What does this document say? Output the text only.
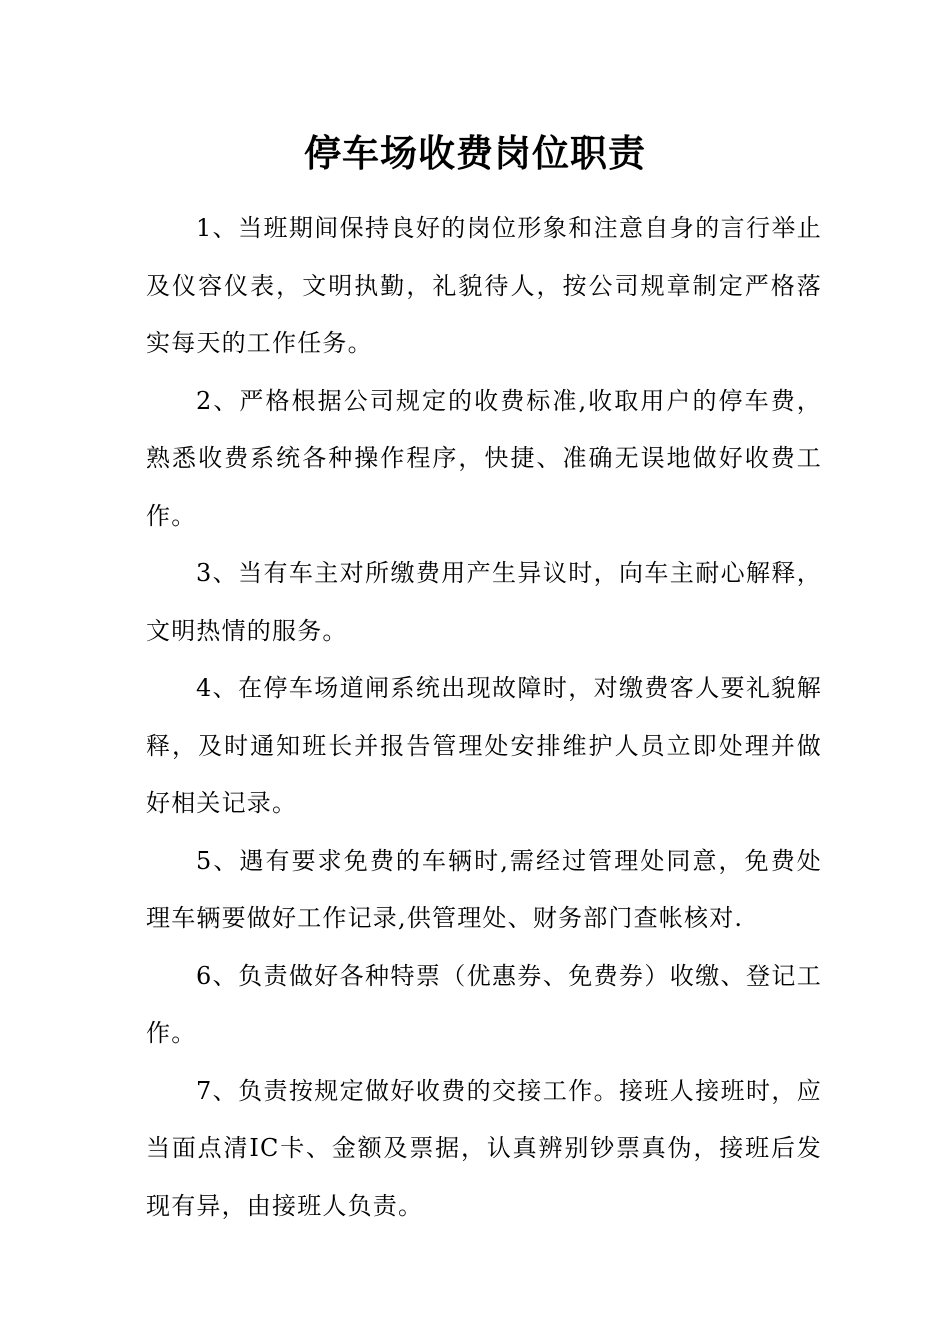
停车场收费岗位职责

1、当班期间保持良好的岗位形象和注意自身的言行举止及仪容仪表，文明执勤，礼貌待人，按公司规章制定严格落实每天的工作任务。

2、严格根据公司规定的收费标准,收取用户的停车费，熟悉收费系统各种操作程序，快捷、准确无误地做好收费工作。

3、当有车主对所缴费用产生异议时，向车主耐心解释，文明热情的服务。

4、在停车场道闸系统出现故障时，对缴费客人要礼貌解释，及时通知班长并报告管理处安排维护人员立即处理并做好相关记录。

5、遇有要求免费的车辆时,需经过管理处同意，免费处理车辆要做好工作记录,供管理处、财务部门查帐核对.

6、负责做好各种特票（优惠券、免费券）收缴、登记工作。

7、负责按规定做好收费的交接工作。接班人接班时，应当面点清IC卡、金额及票据，认真辨别钞票真伪，接班后发现有异，由接班人负责。
